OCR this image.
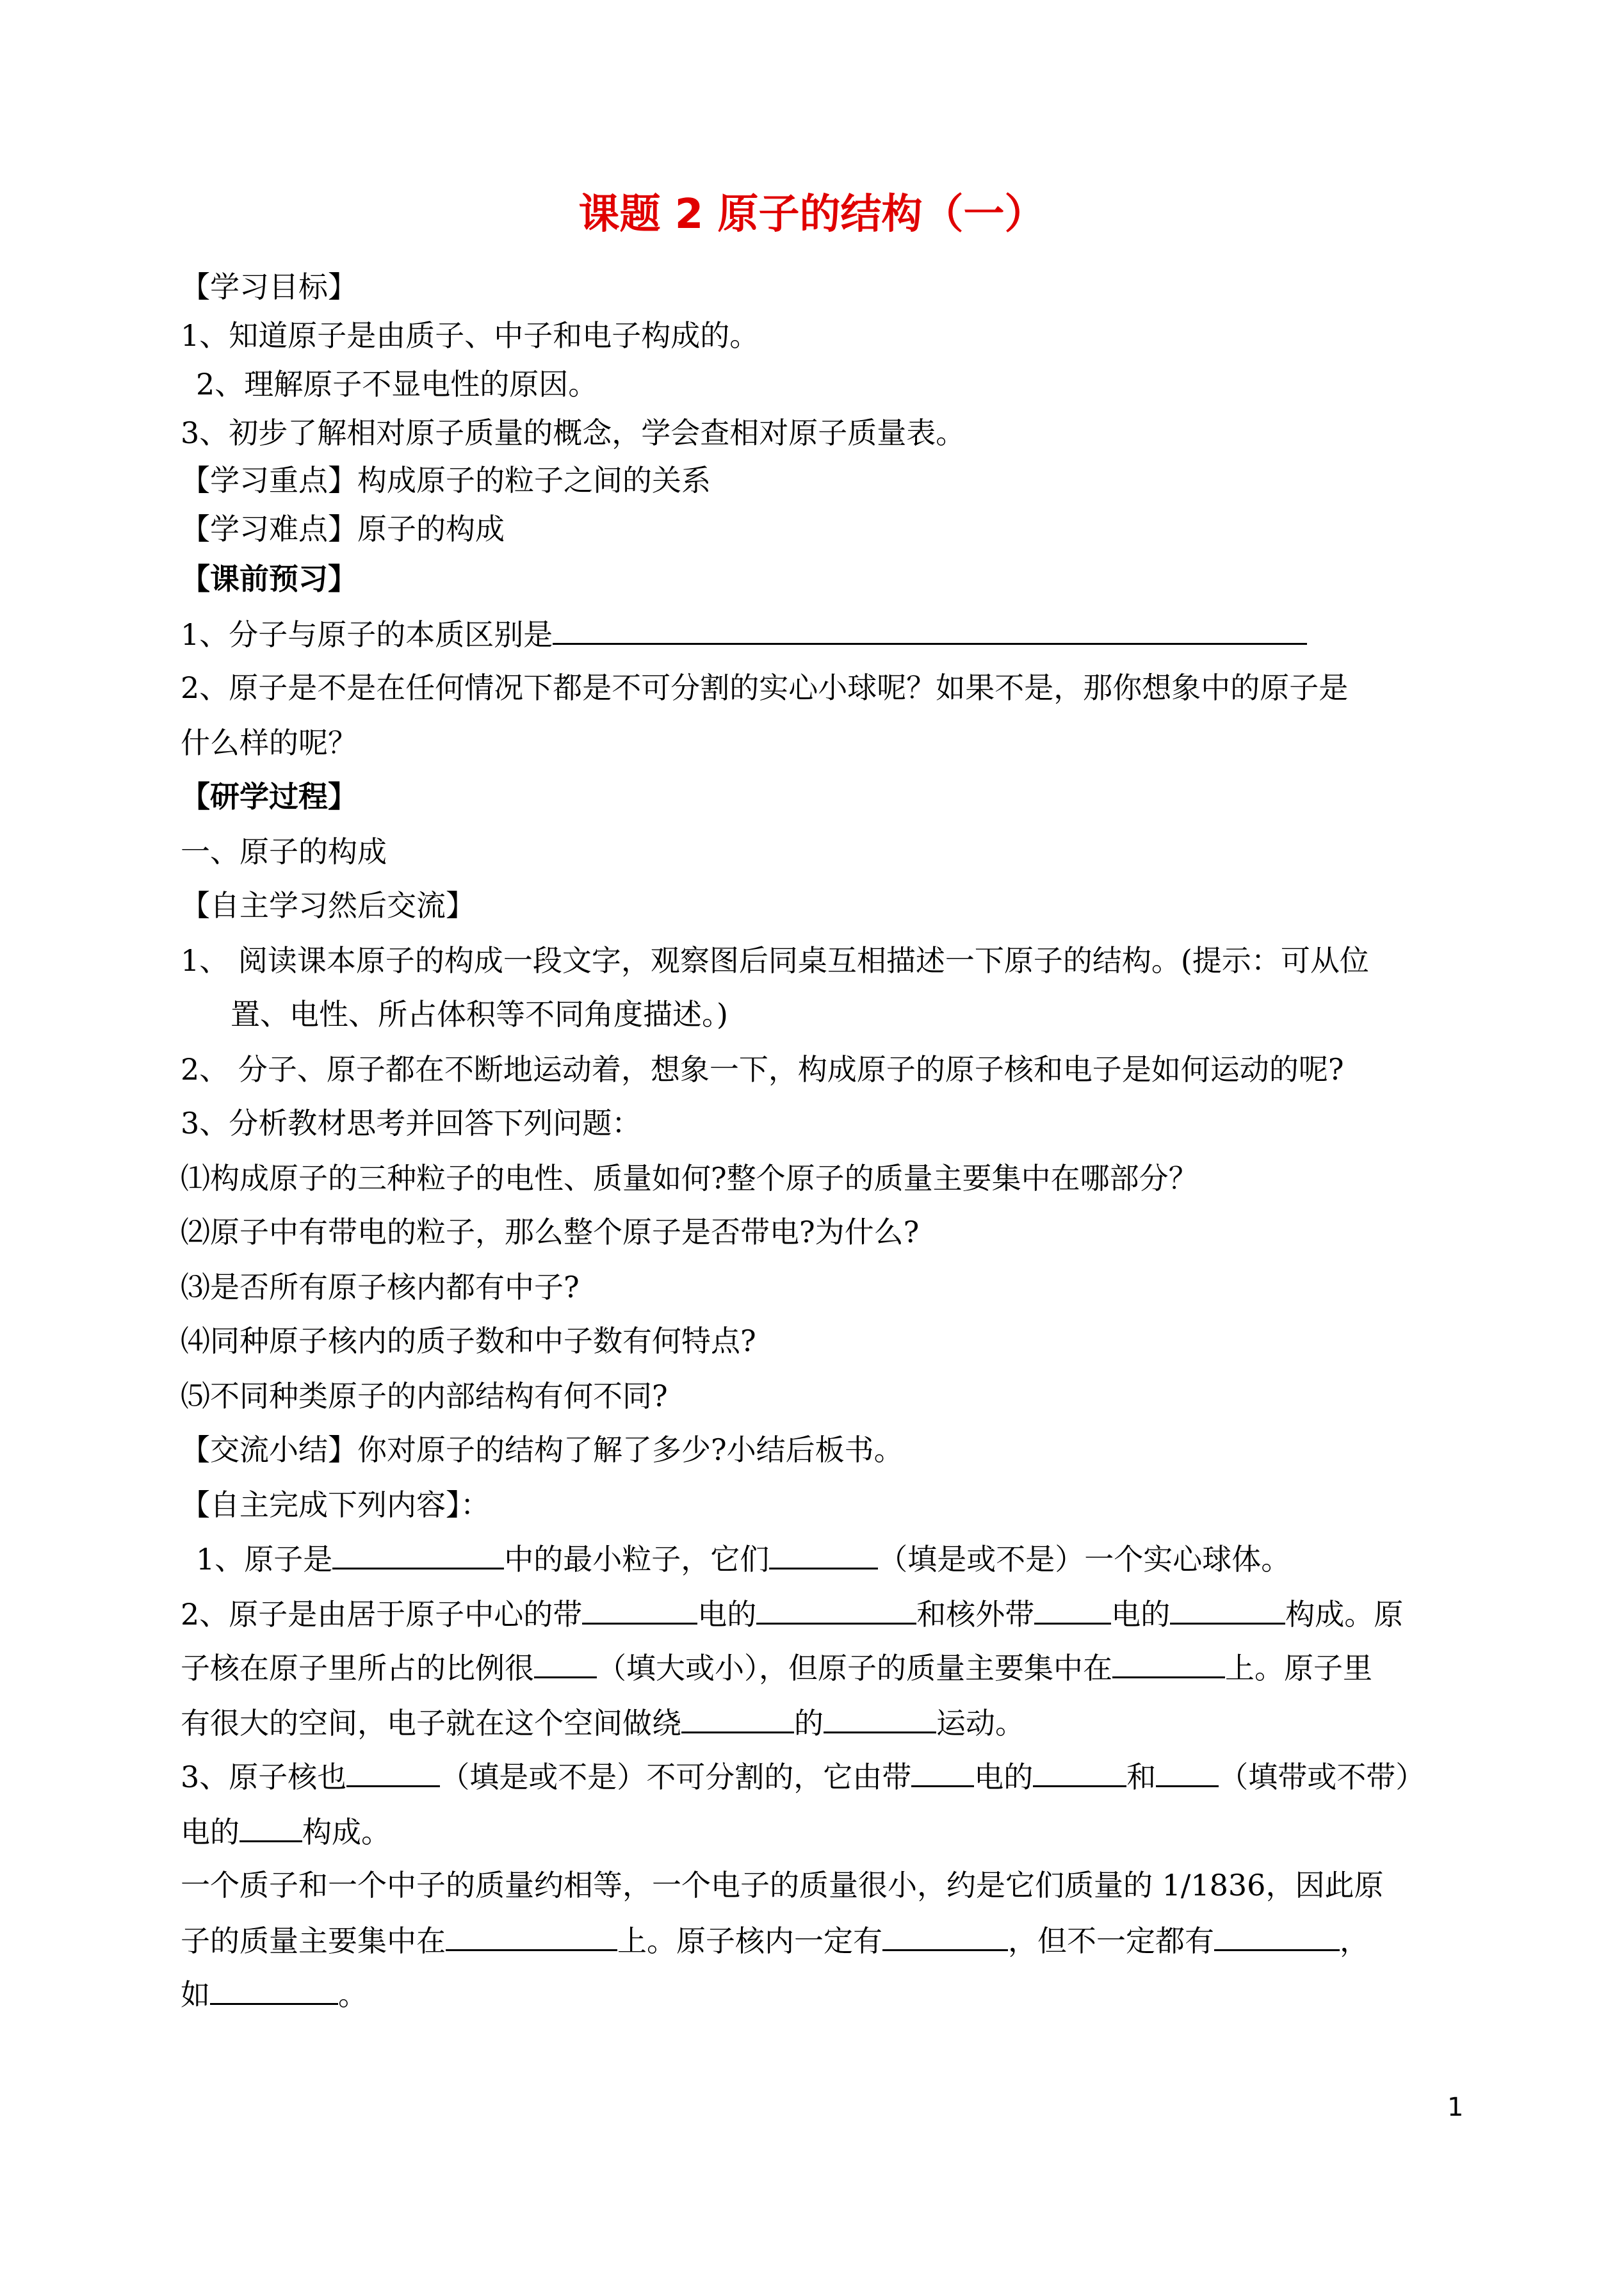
课题 2 原子的结构（一）
【学习目标】
1、知道原子是由质子、中子和电子构成的。
2、理解原子不显电性的原因。
3、初步了解相对原子质量的概念，学会查相对原子质量表。
【学习重点】构成原子的粒子之间的关系
【学习难点】原子的构成
【课前预习】
1、分子与原子的本质区别是
2、原子是不是在任何情况下都是不可分割的实心小球呢？如果不是，那你想象中的原子是
什么样的呢？
【研学过程】
一、原子的构成
【自主学习然后交流】
1、 阅读课本原子的构成一段文字，观察图后同桌互相描述一下原子的结构。(提示：可从位
置、电性、所占体积等不同角度描述。)
2、 分子、原子都在不断地运动着，想象一下，构成原子的原子核和电子是如何运动的呢?
3、分析教材思考并回答下列问题：
⑴构成原子的三种粒子的电性、质量如何?整个原子的质量主要集中在哪部分？
⑵原子中有带电的粒子，那么整个原子是否带电?为什么?
⑶是否所有原子核内都有中子?
⑷同种原子核内的质子数和中子数有何特点?
⑸不同种类原子的内部结构有何不同?
【交流小结】你对原子的结构了解了多少?小结后板书。
【自主完成下列内容】：
1、原子是	中的最小粒子，它们	（填是或不是）一个实心球体。
2、原子是由居于原子中心的带	电的	和核外带	电的	构成。原
子核在原子里所占的比例很 （填大或小），但原子的质量主要集中在	上。原子里
有很大的空间，电子就在这个空间做绕	的	运动。
3、原子核也	（填是或不是）不可分割的，它由带 电的	和 （填带或不带）
电的 构成。
一个质子和一个中子的质量约相等，一个电子的质量很小，约是它们质量的 1/1836，因此原
子的质量主要集中在	上。原子核内一定有	，但不一定都有	，
如	。
1
